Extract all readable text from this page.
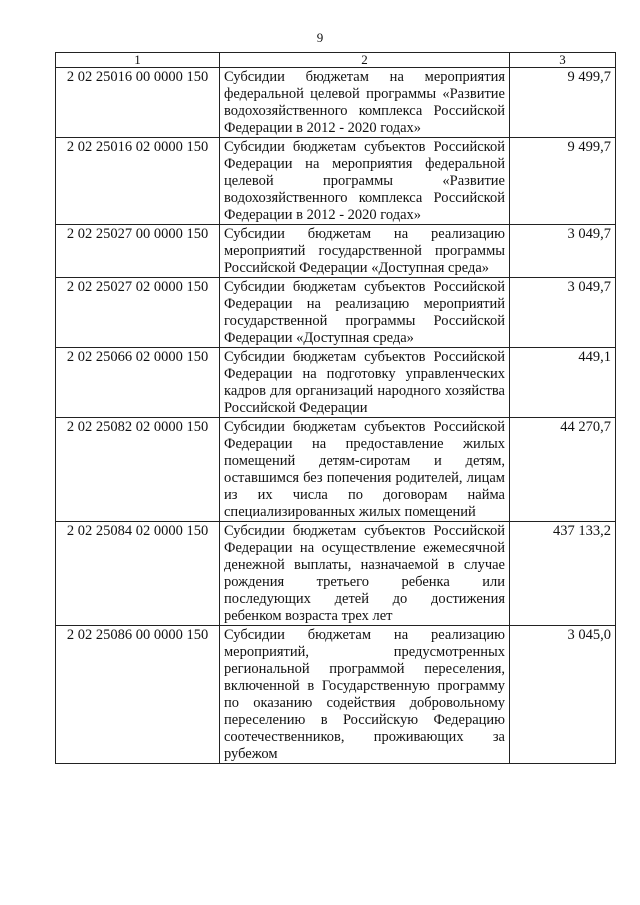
9
1	2	3
2 02 25016 00 0000 150	Субсидии бюджетам на мероприятия федеральной целевой программы «Развитие водохозяйственного комплекса Российской Федерации в 2012 - 2020 годах»	9 499,7
2 02 25016 02 0000 150	Субсидии бюджетам субъектов Российской Федерации на мероприятия федеральной целевой программы «Развитие водохозяйственного комплекса Российской Федерации в 2012 - 2020 годах»	9 499,7
2 02 25027 00 0000 150	Субсидии бюджетам на реализацию мероприятий государственной программы Российской Федерации «Доступная среда»	3 049,7
2 02 25027 02 0000 150	Субсидии бюджетам субъектов Российской Федерации на реализацию мероприятий государственной программы Российской Федерации «Доступная среда»	3 049,7
2 02 25066 02 0000 150	Субсидии бюджетам субъектов Российской Федерации на подготовку управленческих кадров для организаций народного хозяйства Российской Федерации	449,1
2 02 25082 02 0000 150	Субсидии бюджетам субъектов Российской Федерации на предоставление жилых помещений детям-сиротам и детям, оставшимся без попечения родителей, лицам из их числа по договорам найма специализированных жилых помещений	44 270,7
2 02 25084 02 0000 150	Субсидии бюджетам субъектов Российской Федерации на осуществление ежемесячной денежной выплаты, назначаемой в случае рождения третьего ребенка или последующих детей до достижения ребенком возраста трех лет	437 133,2
2 02 25086 00 0000 150	Субсидии бюджетам на реализацию мероприятий, предусмотренных региональной программой переселения, включенной в Государственную программу по оказанию содействия добровольному переселению в Российскую Федерацию соотечественников, проживающих за рубежом	3 045,0
